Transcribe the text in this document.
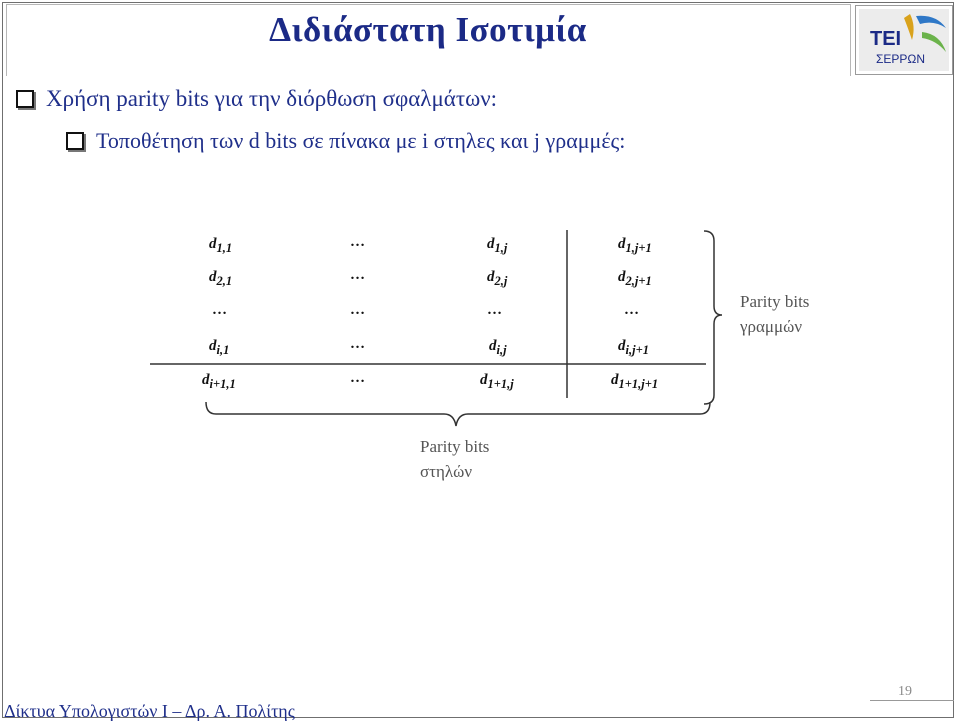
Διδιάστατη Ισοτιμία	ΤΕΙ
ΣΕΡΡΩΝ
Χρήση parity bits για την διόρθωση σφαλμάτων:
Τοποθέτηση των d bits σε πίνακα με i στηλες και j γραμμές:
$d_{1,1}$	…	$d_{1,j}$	$d_{1,j+1}$
$d_{2,1}$	…	$d_{2,j}$	$d_{2,j+1}$
…	…	…	…
$d_{i,1}$	…	$d_{i,j}$	$d_{i,j+1}$
$d_{i+1,1}$	…	$d_{1+1,j}$	$d_{1+1,j+1}$
Parity bits
γραμμών
Parity bits
στηλών
19
Δίκτυα Υπολογιστών Ι – Δρ. Α. Πολίτης
